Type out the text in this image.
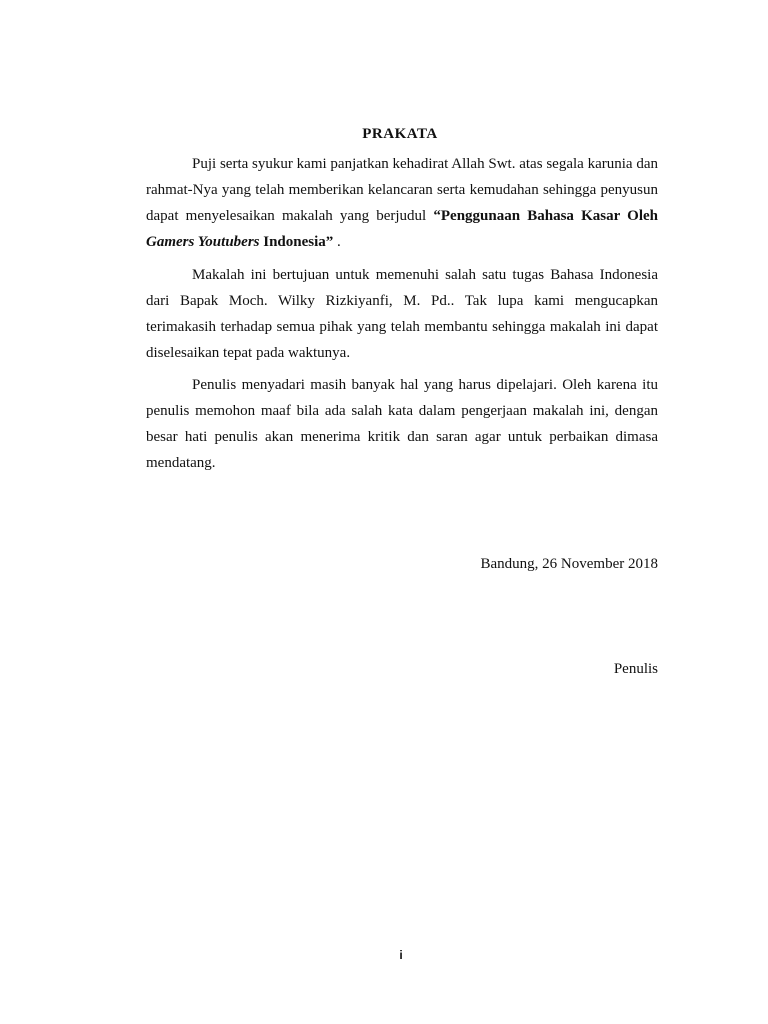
PRAKATA

Puji serta syukur kami panjatkan kehadirat Allah Swt. atas segala karunia dan rahmat-Nya yang telah memberikan kelancaran serta kemudahan sehingga penyusun dapat menyelesaikan makalah yang berjudul “Penggunaan Bahasa Kasar Oleh Gamers Youtubers Indonesia” .

Makalah ini bertujuan untuk memenuhi salah satu tugas Bahasa Indonesia dari Bapak Moch. Wilky Rizkiyanfi, M. Pd.. Tak lupa kami mengucapkan terimakasih terhadap semua pihak yang telah membantu sehingga makalah ini dapat diselesaikan tepat pada waktunya.

Penulis menyadari masih banyak hal yang harus dipelajari. Oleh karena itu penulis memohon maaf bila ada salah kata dalam pengerjaan makalah ini, dengan besar hati penulis akan menerima kritik dan saran agar untuk perbaikan dimasa mendatang.

Bandung, 26 November 2018
Penulis
i
